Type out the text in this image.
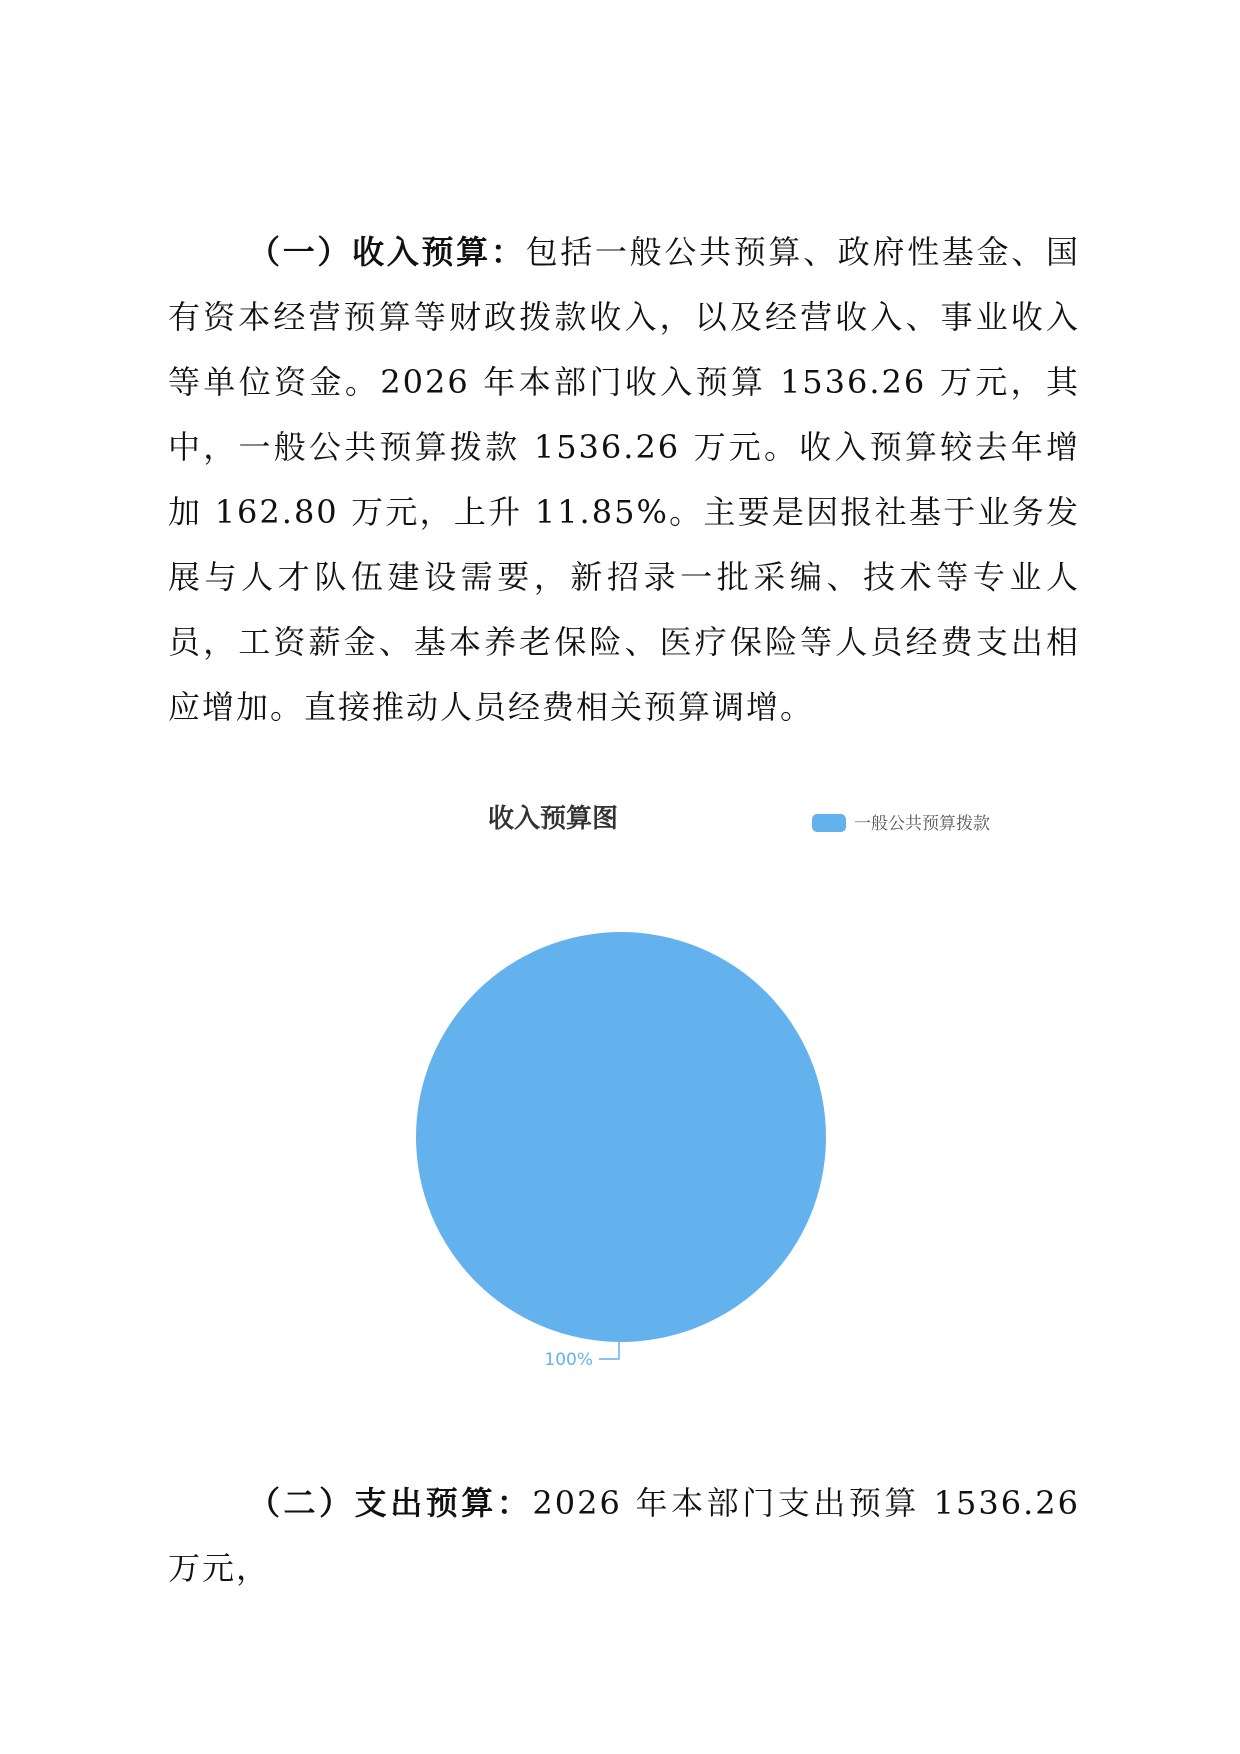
（一）收入预算：包括一般公共预算、政府性基金、国有资本经营预算等财政拨款收入，以及经营收入、事业收入等单位资金。2026 年本部门收入预算 1536.26 万元，其中，一般公共预算拨款 1536.26 万元。收入预算较去年增加 162.80 万元，上升 11.85%。主要是因报社基于业务发展与人才队伍建设需要，新招录一批采编、技术等专业人员，工资薪金、基本养老保险、医疗保险等人员经费支出相应增加。直接推动人员经费相关预算调增。

收入预算图	一般公共预算拨款
100%

（二）支出预算：2026 年本部门支出预算 1536.26 万元，
